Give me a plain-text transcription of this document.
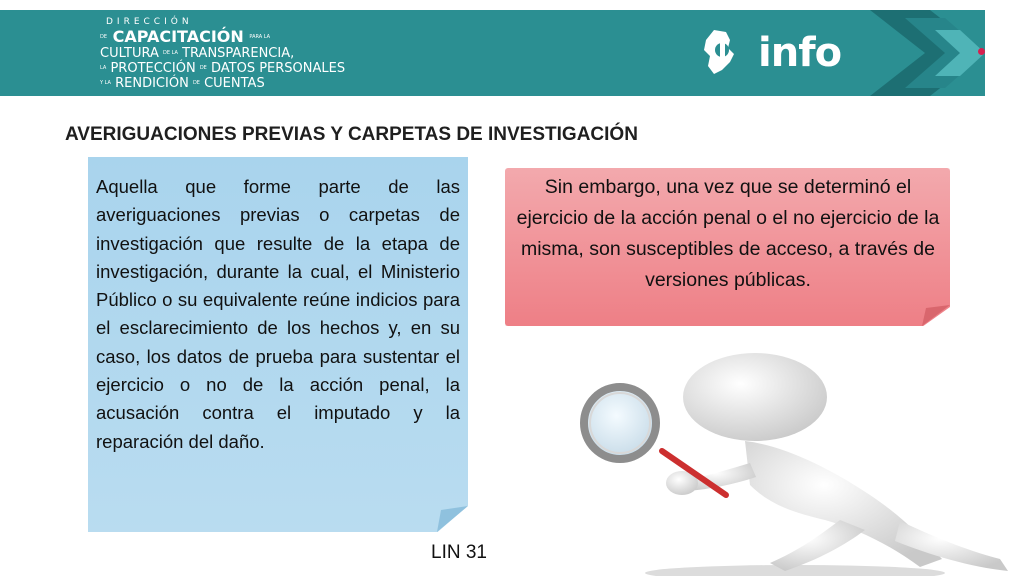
DIRECCIÓN
DE CAPACITACIÓN PARA LA
CULTURA DE LA TRANSPARENCIA,
LA PROTECCIÓN DE DATOS PERSONALES
Y LA RENDICIÓN DE CUENTAS
info
AVERIGUACIONES PREVIAS Y CARPETAS DE INVESTIGACIÓN

Aquella que forme parte de las averiguaciones previas o carpetas de investigación que resulte de la etapa de investigación, durante la cual, el Ministerio Público o su equivalente reúne indicios para el esclarecimiento de los hechos y, en su caso, los datos de prueba para sustentar el ejercicio o no de la acción penal, la acusación contra el imputado y la reparación del daño.

Sin embargo, una vez que se determinó el ejercicio de la acción penal o el no ejercicio de la misma, son susceptibles de acceso, a través de versiones públicas.

LIN 31
